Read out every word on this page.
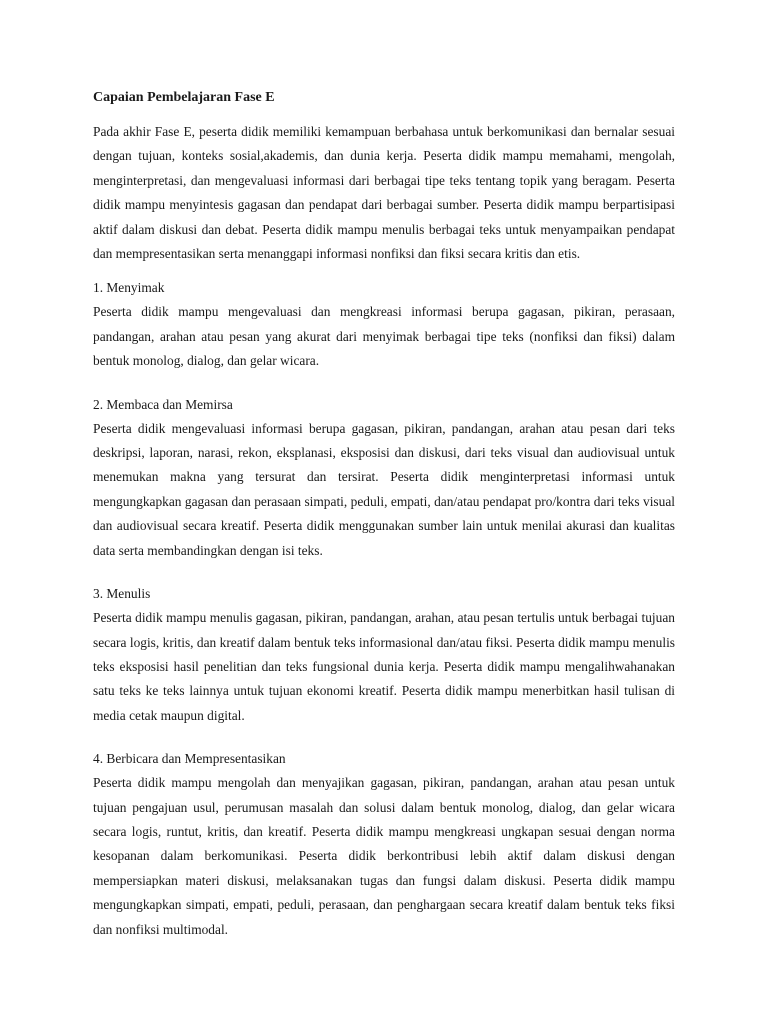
Capaian Pembelajaran Fase E

Pada akhir Fase E, peserta didik memiliki kemampuan berbahasa untuk berkomunikasi dan bernalar sesuai dengan tujuan, konteks sosial,akademis, dan dunia kerja. Peserta didik mampu memahami, mengolah, menginterpretasi, dan mengevaluasi informasi dari berbagai tipe teks tentang topik yang beragam. Peserta didik mampu menyintesis gagasan dan pendapat dari berbagai sumber. Peserta didik mampu berpartisipasi aktif dalam diskusi dan debat. Peserta didik mampu menulis berbagai teks untuk menyampaikan pendapat dan mempresentasikan serta menanggapi informasi nonfiksi dan fiksi secara kritis dan etis.

1. Menyimak

Peserta didik mampu mengevaluasi dan mengkreasi informasi berupa gagasan, pikiran, perasaan, pandangan, arahan atau pesan yang akurat dari menyimak berbagai tipe teks (nonfiksi dan fiksi) dalam bentuk monolog, dialog, dan gelar wicara.

2. Membaca dan Memirsa

Peserta didik mengevaluasi informasi berupa gagasan, pikiran, pandangan, arahan atau pesan dari teks deskripsi, laporan, narasi, rekon, eksplanasi, eksposisi dan diskusi, dari teks visual dan audiovisual untuk menemukan makna yang tersurat dan tersirat. Peserta didik menginterpretasi informasi untuk mengungkapkan gagasan dan perasaan simpati, peduli, empati, dan/atau pendapat pro/kontra dari teks visual dan audiovisual secara kreatif. Peserta didik menggunakan sumber lain untuk menilai akurasi dan kualitas data serta membandingkan dengan isi teks.

3. Menulis

Peserta didik mampu menulis gagasan, pikiran, pandangan, arahan, atau pesan tertulis untuk berbagai tujuan secara logis, kritis, dan kreatif dalam bentuk teks informasional dan/atau fiksi. Peserta didik mampu menulis teks eksposisi hasil penelitian dan teks fungsional dunia kerja. Peserta didik mampu mengalihwahanakan satu teks ke teks lainnya untuk tujuan ekonomi kreatif. Peserta didik mampu menerbitkan hasil tulisan di media cetak maupun digital.

4. Berbicara dan Mempresentasikan

Peserta didik mampu mengolah dan menyajikan gagasan, pikiran, pandangan, arahan atau pesan untuk tujuan pengajuan usul, perumusan masalah dan solusi dalam bentuk monolog, dialog, dan gelar wicara secara logis, runtut, kritis, dan kreatif. Peserta didik mampu mengkreasi ungkapan sesuai dengan norma kesopanan dalam berkomunikasi. Peserta didik berkontribusi lebih aktif dalam diskusi dengan mempersiapkan materi diskusi, melaksanakan tugas dan fungsi dalam diskusi. Peserta didik mampu mengungkapkan simpati, empati, peduli, perasaan, dan penghargaan secara kreatif dalam bentuk teks fiksi dan nonfiksi multimodal.
